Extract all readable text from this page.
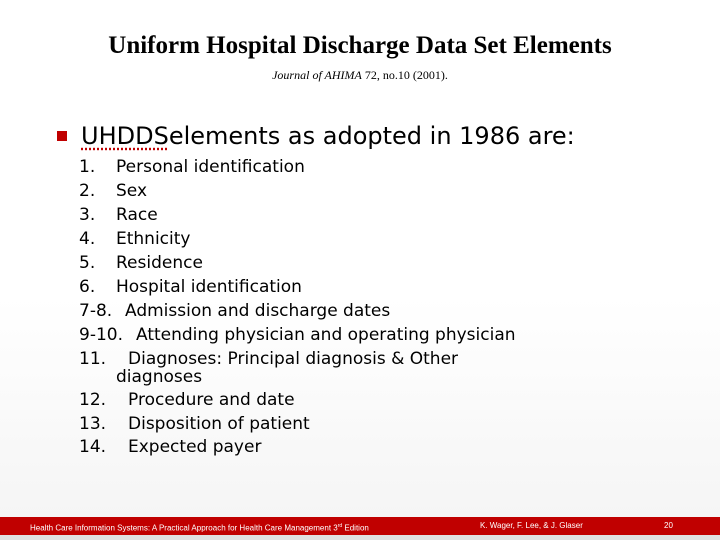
Uniform Hospital Discharge Data Set Elements
Journal of AHIMA 72, no.10 (2001).
UHDDS elements as adopted in 1986 are:
1. Personal identification
2. Sex
3. Race
4. Ethnicity
5. Residence
6. Hospital identification
7-8. Admission and discharge dates
9-10. Attending physician and operating physician
11. Diagnoses: Principal diagnosis & Other
diagnoses
12. Procedure and date
13. Disposition of patient
14. Expected payer
Health Care Information Systems: A Practical Approach for Health Care Management 3rd Edition	K. Wager, F. Lee, & J. Glaser	20
